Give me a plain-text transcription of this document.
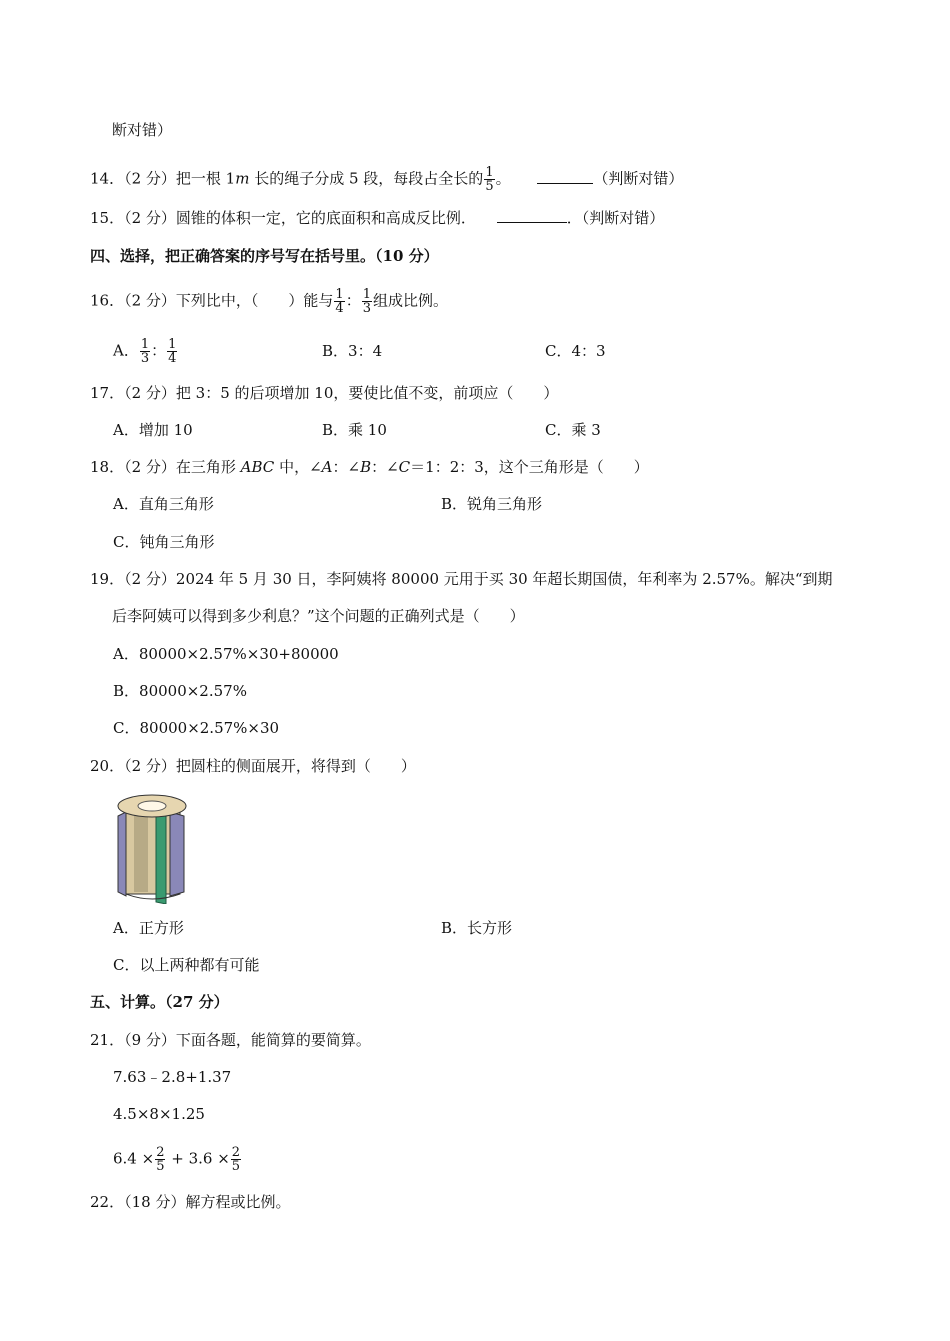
断对错）
14．（2 分）把一根 1m 长的绳子分成 5 段，每段占全长的 $\frac{1}{5}$ 。	（判断对错）
15．（2 分）圆锥的体积一定，它的底面积和高成反比例．	．（判断对错）
四、选择，把正确答案的序号写在括号里。（10 分）
16．（2 分）下列比中，（　　）能与 $\frac{1}{4}$ ： $\frac{1}{3}$ 组成比例。
A． $\frac{1}{3}$ ： $\frac{1}{4}$	B．3：4	C．4：3
17．（2 分）把 3：5 的后项增加 10，要使比值不变，前项应（　　）
A．增加 10	B．乘 10	C．乘 3
18．（2 分）在三角形 ABC 中，∠A：∠B：∠C＝1：2：3，这个三角形是（　　）
A．直角三角形	B．锐角三角形
C．钝角三角形
19．（2 分）2024 年 5 月 30 日，李阿姨将 80000 元用于买 30 年超长期国债，年利率为 2.57%。解决“到期
后李阿姨可以得到多少利息？”这个问题的正确列式是（　　）
A．80000×2.57%×30+80000
B．80000×2.57%
C．80000×2.57%×30
20．（2 分）把圆柱的侧面展开，将得到（　　）
A．正方形	B．长方形
C．以上两种都有可能
五、计算。（27 分）
21．（9 分）下面各题，能简算的要简算。
7.63﹣2.8+1.37
4.5×8×1.25
$6.4 \times \frac{2}{5} + 3.6 \times \frac{2}{5}$
22．（18 分）解方程或比例。
